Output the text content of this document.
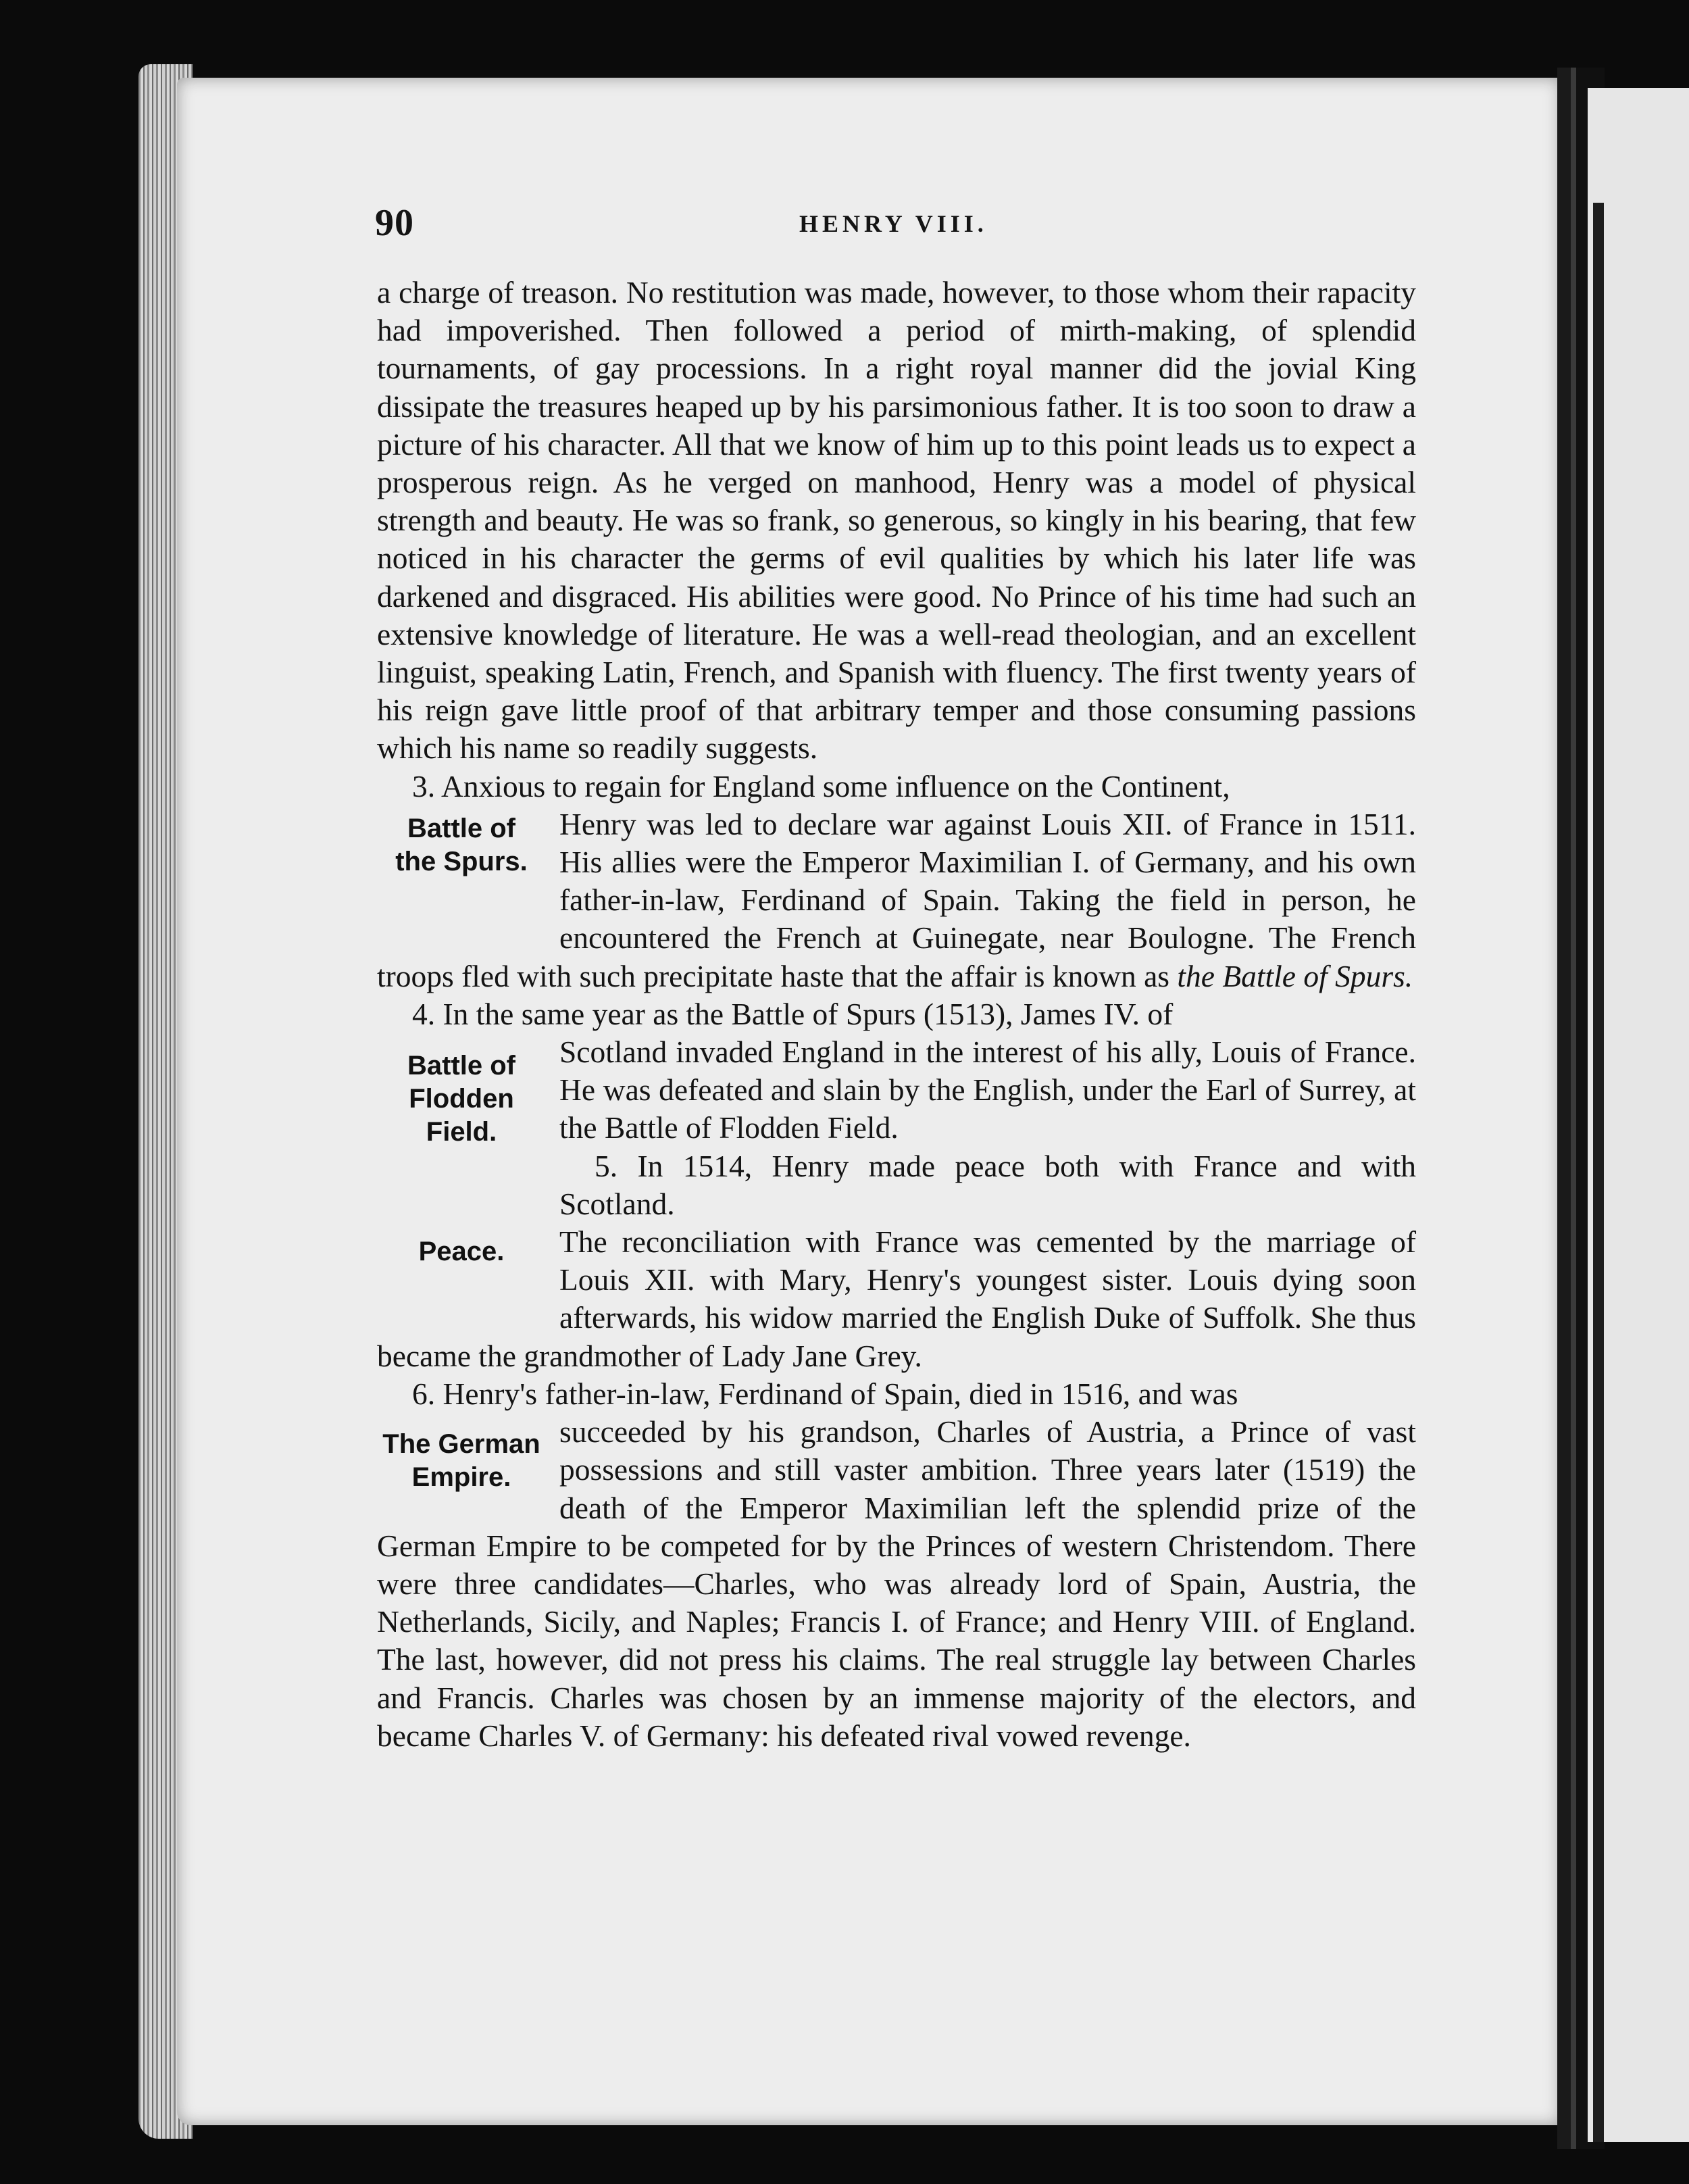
90	HENRY VIII.

a charge of treason. No restitution was made, however, to those whom their rapacity had impoverished. Then followed a period of mirth-making, of splendid tournaments, of gay processions. In a right royal manner did the jovial King dissipate the treasures heaped up by his parsimonious father. It is too soon to draw a picture of his character. All that we know of him up to this point leads us to expect a prosperous reign. As he verged on manhood, Henry was a model of physical strength and beauty. He was so frank, so generous, so kingly in his bearing, that few noticed in his character the germs of evil qualities by which his later life was darkened and disgraced. His abilities were good. No Prince of his time had such an extensive knowledge of literature. He was a well-read theologian, and an excellent linguist, speaking Latin, French, and Spanish with fluency. The first twenty years of his reign gave little proof of that arbitrary temper and those consuming passions which his name so readily suggests.

3. Anxious to regain for England some influence on the Continent,

Battle of
the Spurs.
Henry was led to declare war against Louis XII. of France in 1511. His allies were the Emperor Maximilian I. of Germany, and his own father-in-law, Ferdinand of Spain. Taking the field in person, he encountered the French at Guinegate, near Boulogne. The French troops fled with such precipitate haste that the affair is known as the Battle of Spurs.

4. In the same year as the Battle of Spurs (1513), James IV. of

Battle of
Flodden
Field.
Scotland invaded England in the interest of his ally, Louis of France. He was defeated and slain by the English, under the Earl of Surrey, at the Battle of Flodden Field.

5. In 1514, Henry made peace both with France and with Scotland.

Peace.	The reconciliation with France was cemented by the marriage of Louis XII. with Mary, Henry's youngest sister. Louis dying soon afterwards, his widow married the English Duke of Suffolk. She thus became the grandmother of Lady Jane Grey.

6. Henry's father-in-law, Ferdinand of Spain, died in 1516, and was

The German
Empire.
succeeded by his grandson, Charles of Austria, a Prince of vast possessions and still vaster ambition. Three years later (1519) the death of the Emperor Maximilian left the splendid prize of the German Empire to be competed for by the Princes of western Christendom. There were three candidates—Charles, who was already lord of Spain, Austria, the Netherlands, Sicily, and Naples; Francis I. of France; and Henry VIII. of England. The last, however, did not press his claims. The real struggle lay between Charles and Francis. Charles was chosen by an immense majority of the electors, and became Charles V. of Germany: his defeated rival vowed revenge.
